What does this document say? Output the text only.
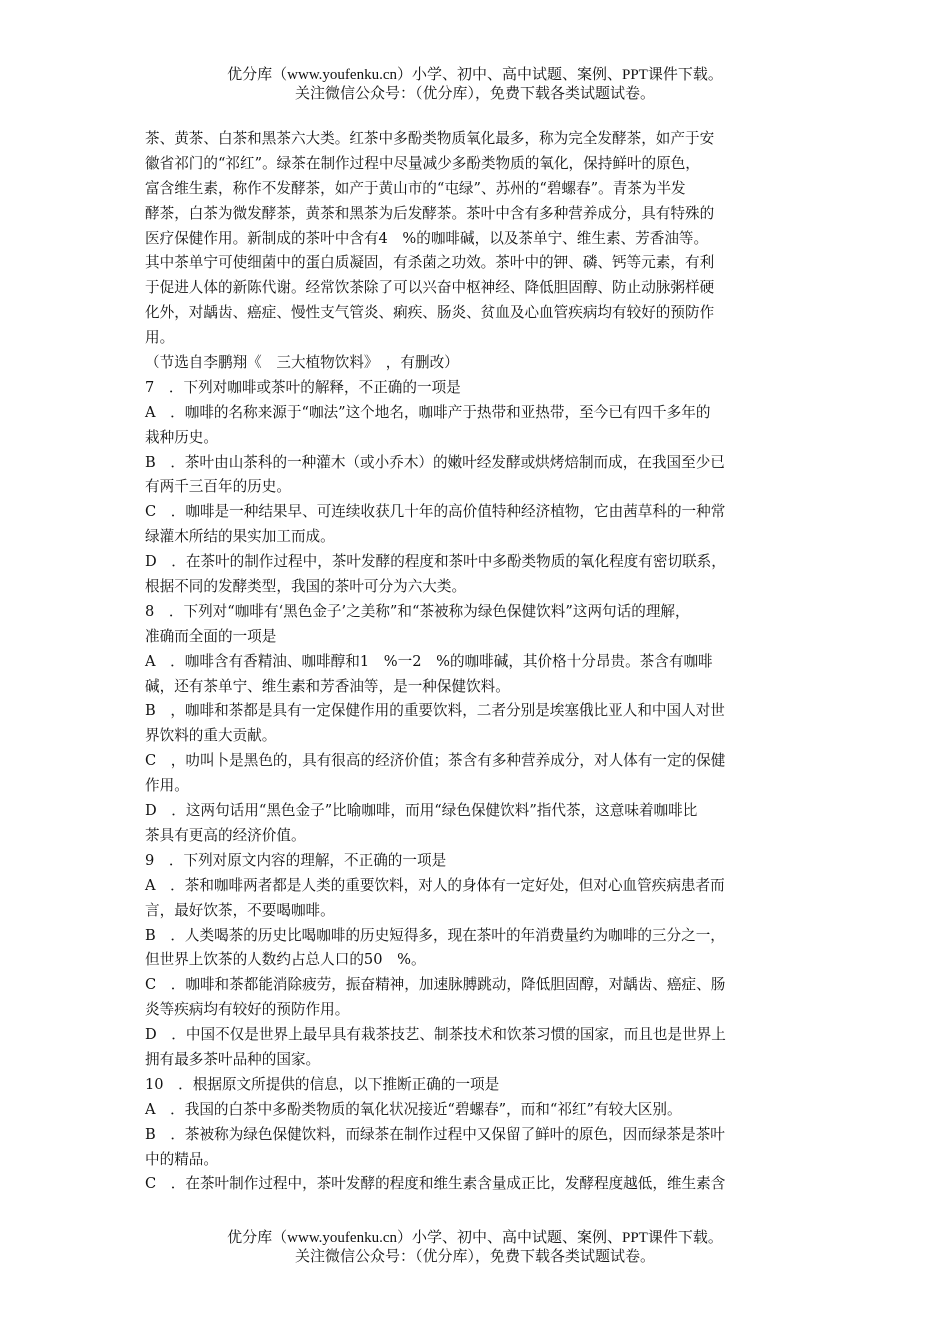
优分库（www.youfenku.cn）小学、初中、高中试题、案例、PPT课件下载。
关注微信公众号：（优分库），免费下载各类试题试卷。
茶、黄茶、白茶和黑茶六大类。红茶中多酚类物质氧化最多，称为完全发酵茶，如产于安
徽省祁门的“祁红”。绿茶在制作过程中尽量减少多酚类物质的氧化，保持鲜叶的原色，
富含维生素，称作不发酵茶，如产于黄山市的“屯绿”、苏州的“碧螺春”。青茶为半发
酵茶，白茶为微发酵茶，黄茶和黑茶为后发酵茶。茶叶中含有多种营养成分，具有特殊的
医疗保健作用。新制成的茶叶中含有4　%的咖啡碱，以及茶单宁、维生素、芳香油等。
其中茶单宁可使细菌中的蛋白质凝固，有杀菌之功效。茶叶中的钾、磷、钙等元素，有利
于促进人体的新陈代谢。经常饮茶除了可以兴奋中枢神经、降低胆固醇、防止动脉粥样硬
化外，对龋齿、癌症、慢性支气管炎、痢疾、肠炎、贫血及心血管疾病均有较好的预防作
用。
（节选自李鹏翔《　三大植物饮料》　，有删改）
7　．下列对咖啡或茶叶的解释，不正确的一项是
A　．咖啡的名称来源于“咖法”这个地名，咖啡产于热带和亚热带，至今已有四千多年的
栽种历史。
B　．茶叶由山茶科的一种灌木（或小乔木）的嫩叶经发酵或烘烤焙制而成，在我国至少已
有两千三百年的历史。
C　．咖啡是一种结果早、可连续收获几十年的高价值特种经济植物，它由茜草科的一种常
绿灌木所结的果实加工而成。
D　．在茶叶的制作过程中，茶叶发酵的程度和茶叶中多酚类物质的氧化程度有密切联系，
根据不同的发酵类型，我国的茶叶可分为六大类。
8　．下列对“咖啡有‘黑色金子’之美称”和“茶被称为绿色保健饮料”这两句话的理解，
准确而全面的一项是
A　．咖啡含有香精油、咖啡醇和1　%一2　%的咖啡碱，其价格十分昂贵。茶含有咖啡
碱，还有茶单宁、维生素和芳香油等，是一种保健饮料。
B　，咖啡和茶都是具有一定保健作用的重要饮料，二者分别是埃塞俄比亚人和中国人对世
界饮料的重大贡献。
C　，叻叫卜是黑色的，具有很高的经济价值；茶含有多种营养成分，对人体有一定的保健
作用。
D　．这两句话用“黑色金子”比喻咖啡，而用“绿色保健饮料”指代茶，这意味着咖啡比
茶具有更高的经济价值。
9　．下列对原文内容的理解，不正确的一项是
A　．茶和咖啡两者都是人类的重要饮料，对人的身体有一定好处，但对心血管疾病患者而
言，最好饮茶，不要喝咖啡。
B　．人类喝茶的历史比喝咖啡的历史短得多，现在茶叶的年消费量约为咖啡的三分之一，
但世界上饮茶的人数约占总人口的50　%。
C　．咖啡和茶都能消除疲劳，振奋精神，加速脉膊跳动，降低胆固醇，对龋齿、癌症、肠
炎等疾病均有较好的预防作用。
D　．中国不仅是世界上最早具有栽茶技艺、制茶技术和饮茶习惯的国家，而且也是世界上
拥有最多茶叶品种的国家。
10　．根据原文所提供的信息，以下推断正确的一项是
A　．我国的白茶中多酚类物质的氧化状况接近“碧螺春”，而和“祁红”有较大区别。
B　．茶被称为绿色保健饮料，而绿茶在制作过程中又保留了鲜叶的原色，因而绿茶是茶叶
中的精品。
C　．在茶叶制作过程中，茶叶发酵的程度和维生素含量成正比，发酵程度越低，维生素含
优分库（www.youfenku.cn）小学、初中、高中试题、案例、PPT课件下载。
关注微信公众号：（优分库），免费下载各类试题试卷。
